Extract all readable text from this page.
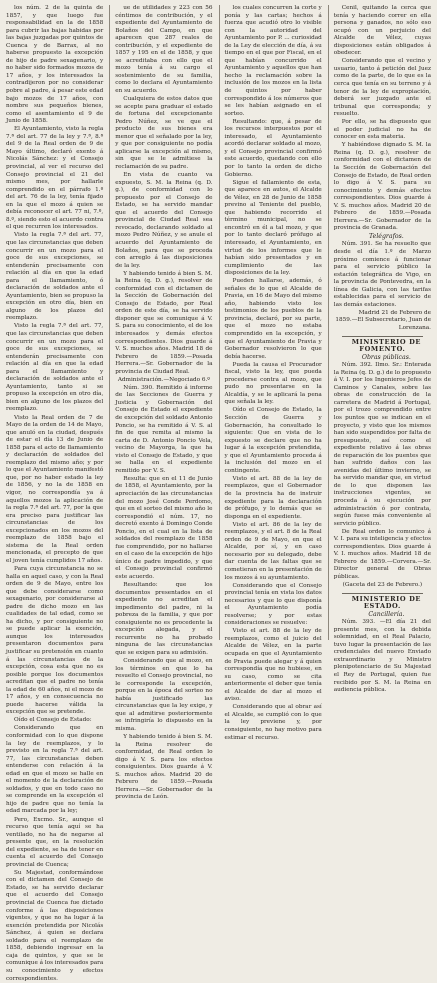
los núm. 2 de la quinta de 1857, y que luego fue responsabilidad en la de 1858 para cubrir las bajas habidas por las bajas juzgadas por quintos de Cuenca y de Barrax, al no haberse propuesto la excepción de hijo de padre sexagenario, y no haber sido formados mozos de 17 años, y los interesados la contradijeron por no considerar pobre al padre, á pesar este edad bajo mozos de 17 años, con nombre sus pequeños bienes, como el asentamiento el 9 de Junio de 1858.

El Ayuntamiento, visto la regla 7.ª del art. 77 de la ley y 7.ª, 8.ª del 9 de la Real orden de 9 de Mayo último, declaró exento á Nicolás Sánchez: y el Consejo provincial, al ver el recurso del Consejo provincial el 21 del mismo mes, por hallarle comprendido en el párrafo 1.º del art. 76 de la ley, tenía fijado en la que el mozo á quien se debía reconocer el art. 77 ni, 7.º, 8.º, siendo esto el acuerdo contra el que recurren los interesados.

Visto la regla 7.ª del art. 77, que las circunstancias que deben concurrir en un mozo para el goce de sus excepciones, se entenderán precisamente con relación al día en que la edad para el llamamiento, ó declaración de soldados ante el Ayuntamiento, bien se propuso la excepción en otro día, bien en alguno de los plazos del reemplazo.

Visto la regla 7.ª del art. 77, que las circunstancias que deben concurrir en un mozo para el goce de sus excepciones, se entenderán precisamente con relación al día en que la edad para el llamamiento y declaración de soldados ante el Ayuntamiento, tanto si se propuso la excepción en otro día, bien en alguno de los plazos del reemplazo.

Visto la Real orden de 7 de Mayo de la orden de 14 de Mayo, que anuló en la ciudad, después de estar el día 13 de Junio de 1858 para el acto de llamamiento y declaración de soldados del reemplazo del mismo año; y por lo que el Ayuntamiento manifestó que, por no haber estado la ley de 1856, y no la de 1858 en vigor, no correspondía ya á aquellos mozos la aplicación de la regla 7.ª del art. 77, por la que era preciso para justificar las circunstancias de los excepcionados en los mozos del reemplazo de 1858 bajo el sistema de la Real orden mencionada, el precepto de que el joven tenía cumplidos 17 años.

Para cuya circunstancia no se halla en aquel caso, y con la Real orden de 9 de Mayo, entre los que debe considerarse como sexagenario, por considerarse al padre de dicho mozo en las cualidades de tal edad, como se ha dicho, y por consiguiente no se puede aplicar la exención, aunque los interesados presentaron documentos para justificar su pretensión en cuanto á las circunstancias de la excepción, cosa esta que no es posible porque los documentos acreditan que el padre no tenía la edad de 60 años, ni el mozo de 17 años, y en consecuencia no puede hacerse válida la excepción que se pretende.

Oído el Consejo de Estado:

Considerando que en conformidad con lo que dispone la ley de reemplazos, y lo previsto en la regla 7.ª del art. 77, las circunstancias deben entenderse con relación á la edad en que el mozo se halle en el momento de la declaración de soldados, y que en todo caso no se comprende en la excepción el hijo de padre que no tenía la edad marcada por la ley;

Pero, Excmo. Sr., aunque el recurso que tenía aquí se ha ventilado, no ha de negarse al presente que, en la resolución del expediente, se ha de tener en cuenta el acuerdo del Consejo provincial de Cuenca;

Su Majestad, conformándose con el dictamen del Consejo de Estado, se ha servido declarar que el acuerdo del Consejo provincial de Cuenca fue dictado conforme á las disposiciones vigentes, y que no ha lugar á la exención pretendida por Nicolás Sánchez, á quien se declara soldado para el reemplazo de 1858, debiendo ingresar en la caja de quintos, y que se le comunique á los interesados para su conocimiento y efectos correspondientes.

ue de utilidades y 223 con 56 céntimos de contribución, y el expediente del Ayuntamiento de Bolaños del Campo, en que aparecen que 287 reales de contribución, y el expediente de 1857 y 195 en el de 1858, y que se acreditaba con ello que el mozo tenía á su cargo el sostenimiento de su familia, como lo declara el Ayuntamiento en su acuerdo.

Cualquiera de estos datos que se acepte para graduar el estado de fortuna del excepcionante Pedro Núñez, se ve que el producto de sus bienes era menor que el señalado por la ley, y que por consiguiente no podía aplicarse la excepción al mismo, sin que se le admitiese la reclamación de su padre.

En vista de cuanto va expuesto, S. M. la Reina (q. D. g.), de conformidad con lo propuesto por el Consejo de Estado, se ha servido mandar que el acuerdo del Consejo provincial de Ciudad Real sea revocado, declarando soldado al mozo Pedro Núñez, y se anule el acuerdo del Ayuntamiento de Bolaños, para que se proceda con arreglo á las disposiciones de la ley.

Y habiendo tenido á bien S. M. la Reina (q. D. g.), resolver de conformidad con el dictamen de la Sección de Gobernación del Consejo de Estado, por Real orden de este día, se ha servido disponer que se comunique á V. S. para su conocimiento, el de los interesados y demás efectos correspondientes. Dios guarde á V. S. muchos años. Madrid 18 de Febrero de 1859.—Posada Herrera.—Sr. Gobernador de la provincia de Ciudad Real.

Administración.—Negociado 6.º

Núm. 390. Remitido á informe de las Secciones de Guerra y Justicia y Gobernación del Consejo de Estado el expediente de excepción del soldado Antonio Poncio, se ha remitido á V. S. al fin de que remita al mismo la carta de D. Antonio Poncio Vela, vecino de Mayorga, la que ha visto el Consejo de Estado, y que se halla en el expediente remitido por V. S.

Resulta: que en el 11 de Junio de 1858, el Ayuntamiento, por la apreciación de las circunstancias del mozo José Conde Perdomo, que en el sorteo del mismo año le correspondió el núm. 17, no decretó exento á Domingo Conde Poncio, en el cual en la lista de soldados del reemplazo de 1858 fue comprendido, por no hallarse en el caso de la excepción de hijo único de padre impedido, y que el Consejo provincial confirmó este acuerdo.

Resultando: que los documentos presentados en el expediente no acreditan el impedimento del padre, ni la pobreza de la familia, y que por consiguiente no es procedente la excepción alegada, y el recurrente no ha probado ninguna de las circunstancias que se exigen para su admisión.

Considerando que al mozo, en los términos en que lo ha resuelto el Consejo provincial, no le corresponde la excepción, porque en la época del sorteo no había justificado las circunstancias que la ley exige, y que al admitirse posteriormente se infringiría lo dispuesto en la misma.

Y habiendo tenido á bien S. M. la Reina resolver de conformidad, de Real orden lo digo á V. S. para los efectos consiguientes. Dios guarde á V. S. muchos años. Madrid 20 de Febrero de 1859.—Posada Herrera.—Sr. Gobernador de la provincia de León.

los cuales concurren la corte y ponía y las cartas; hechos á fuerza que acudió otro lo visible con la autoridad del Ayuntamiento por P. ... curiosidad de la Ley de elección de día, á su tiempo en el que por Fiscal, en el que habían concurrido el Ayuntamiento y aquellos que han hecho la reclamación sobre la inclusión de los mozos en la lista de quintos por haber correspondido á los números que se les habían asignado en el sorteo.

Resultando: que, á pesar de los recursos interpuestos por el interesado, el Ayuntamiento acordó declarar soldado al mozo, y el Consejo provincial confirmó este acuerdo, quedando con ello por lo tanto la orden de dicho Gobierno.

Sigue el fallamiento de esta, que aparece en autos, el Alcalde de Vélez, en 28 de Junio de 1858 previno al Teniente del pueblo, que habiendo recorrido el término municipal, no se encontró en él a tal mozo, y que por lo tanto declaró prófugo al interesado, el Ayuntamiento, en virtud de los informes que le habían sido presentados y en cumplimiento de las disposiciones de la ley.

Pueden hallarse, además, ó señales de lo que el Alcalde de Pravia, en 16 de Mayo del mismo año, habiendo visto los testimonios de los pueblos de la provincia, declaró, por su parte, que el mozo no estaba comprendido en la excepción, y que el Ayuntamiento de Pravia y Gobernador resolvieron lo que debía hacerse.

Pueda la causa el Procurador fiscal, visto la ley, que pueda procederse contra al mozo, que pudo no presentarse en la Alcaldía, y se le aplicará la pena que señala la ley.

Oído el Consejo de Estado, la Sección de Guerra y Gobernación, ha consultado lo siguiente: Que en vista de lo expuesto se declare que no ha lugar á la excepción pretendida, y que el Ayuntamiento proceda á la inclusión del mozo en el contingente.

Visto el art. 88 de la ley de reemplazos, que el Gobernador de la provincia ha de instruir expediente para la declaración de prófugo, y lo demás que se disponga en el expediente.

Visto el art. 86 de la ley de reemplazos, y el art. 8 de la Real orden de 9 de Mayo, en que el Alcalde, por sí, y en caso necesario por su delegado, debe dar cuenta de las faltas que se cometieran en la presentación de los mozos á su ayuntamiento.

Considerando que el Consejo provincial tenía en vista los datos necesarios y que lo que disponía el Ayuntamiento podía resolverse; y por estas consideraciones se resuelve:

Visto el art. 88 de la ley de reemplazos, como el juicio del Alcalde de Vélez, en la parte ocupada en que el Ayuntamiento de Pravia puede alegar y á quien correspondía que no hubiese, en su caso, como se cita anteriormente el deber que tenía el Alcalde de dar al mozo el aviso.

Considerando que al obrar así el Alcalde, se cumplió con lo que la ley previene y, por consiguiente, no hay motivo para estimar el recurso.

Cenil, quitando la cerca que tenía y haciendo correr en ella persona y ganados, no sólo eso ocupó con un perjuicio del Alcalde de Vélez, cuyas disposiciones están obligados á obedecer.

Considerando que el vecino y usuario, tanto á petición del Juez como de la parte, de lo que es la cerca que tenía en su terreno y á tenor de la ley de expropiación, deberá ser juzgado ante el tribunal que corresponda; y resuelto.

Por ello, se ha dispuesto que el poder judicial no ha de conocer en esta materia.

Y habiéndose dignado S. M. la Reina (q. D. g.), resolver de conformidad con el dictamen de la Sección de Gobernación del Consejo de Estado, de Real orden lo digo á V. S. para su conocimiento y demás efectos correspondientes. Dios guarde á V. S. muchos años. Madrid 20 de Febrero de 1859.—Posada Herrera.—Sr. Gobernador de la provincia de Granada.

Telégrafos.

Núm. 391. Se ha resuelto que desde el día 1.º de Marzo próximo comience á funcionar para el servicio público la estación telegráfica de Vigo, en la provincia de Pontevedra, en la línea de Galicia, con las tarifas establecidas para el servicio de las demás estaciones.

Madrid 21 de Febrero de 1859.—El Subsecretario, Juan de Lorenzana.

MINISTERIO DE FOMENTO.

Obras públicas.

Núm. 392. Ilmo. Sr.: Enterada la Reina (q. D. g.) de lo propuesto á V. I. por los Ingenieros Jefes de Caminos y Canales, sobre las obras de construcción de la carretera de Madrid á Portugal, por el trozo comprendido entre los puntos que se indican en el proyecto, y visto que los mismos han sido suspendidos por falta de presupuesto, así como el expediente relativo á las obras de reparación de los puentes que han sufrido daños con las avenidas del último invierno, se ha servido mandar que, en virtud de lo que disponen las instrucciones vigentes, se proceda á su ejecución por administración ó por contrata, según fuese más conveniente al servicio público.

De Real orden lo comunico á V. I. para su inteligencia y efectos correspondientes. Dios guarde á V. I. muchos años. Madrid 18 de Febrero de 1859.—Corvera.—Sr. Director general de Obras públicas.

(Gaceta del 23 de Febrero.)

MINISTERIO DE ESTADO.

Cancillería.

Núm. 393. —El día 21 del presente mes, con la debida solemnidad, en el Real Palacio, tuvo lugar la presentación de las credenciales del nuevo Enviado extraordinario y Ministro plenipotenciario de Su Majestad el Rey de Portugal, quien fue recibido por S. M. la Reina en audiencia pública.
